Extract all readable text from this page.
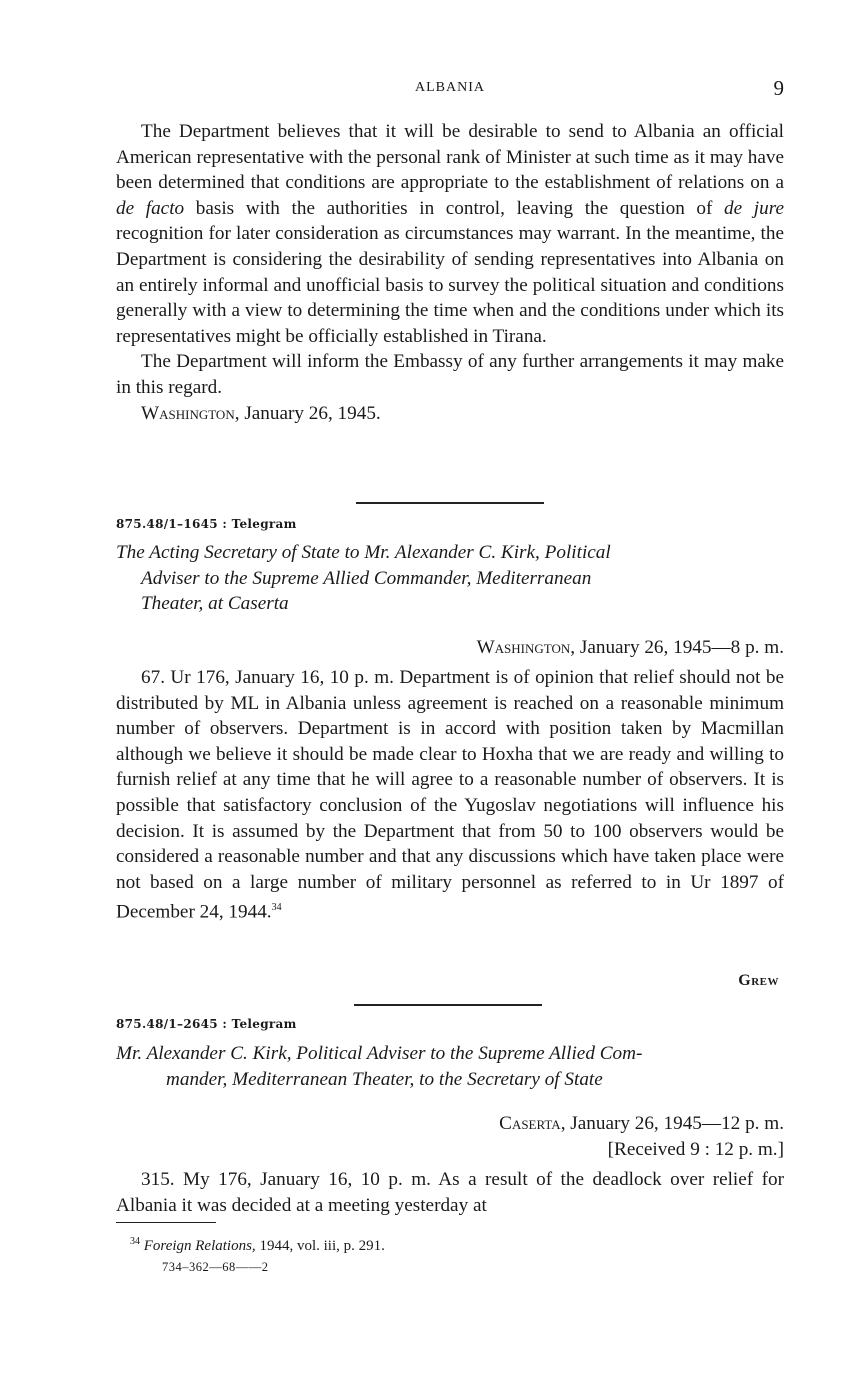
ALBANIA	9

The Department believes that it will be desirable to send to Albania an official American representative with the personal rank of Minister at such time as it may have been determined that conditions are appropriate to the establishment of relations on a de facto basis with the authorities in control, leaving the question of de jure recognition for later consideration as circumstances may warrant. In the meantime, the Department is considering the desirability of sending representatives into Albania on an entirely informal and unofficial basis to survey the political situation and conditions generally with a view to determining the time when and the conditions under which its representatives might be officially established in Tirana.

The Department will inform the Embassy of any further arrangements it may make in this regard.

Washington, January 26, 1945.

875.48/1–1645 : Telegram
The Acting Secretary of State to Mr. Alexander C. Kirk, Political
Adviser to the Supreme Allied Commander, Mediterranean
Theater, at Caserta
Washington, January 26, 1945—8 p. m.

67. Ur 176, January 16, 10 p. m. Department is of opinion that relief should not be distributed by ML in Albania unless agreement is reached on a reasonable minimum number of observers. Department is in accord with position taken by Macmillan although we believe it should be made clear to Hoxha that we are ready and willing to furnish relief at any time that he will agree to a reasonable number of observers. It is possible that satisfactory conclusion of the Yugoslav negotiations will influence his decision. It is assumed by the Department that from 50 to 100 observers would be considered a reasonable number and that any discussions which have taken place were not based on a large number of military personnel as referred to in Ur 1897 of December 24, 1944.34

Grew
875.48/1–2645 : Telegram
Mr. Alexander C. Kirk, Political Adviser to the Supreme Allied Com-
mander, Mediterranean Theater, to the Secretary of State
Caserta, January 26, 1945—12 p. m.
[Received 9 : 12 p. m.]

315. My 176, January 16, 10 p. m. As a result of the deadlock over relief for Albania it was decided at a meeting yesterday at

$^{34}$ Foreign Relations, 1944, vol. iii, p. 291.
734–362—68——2
